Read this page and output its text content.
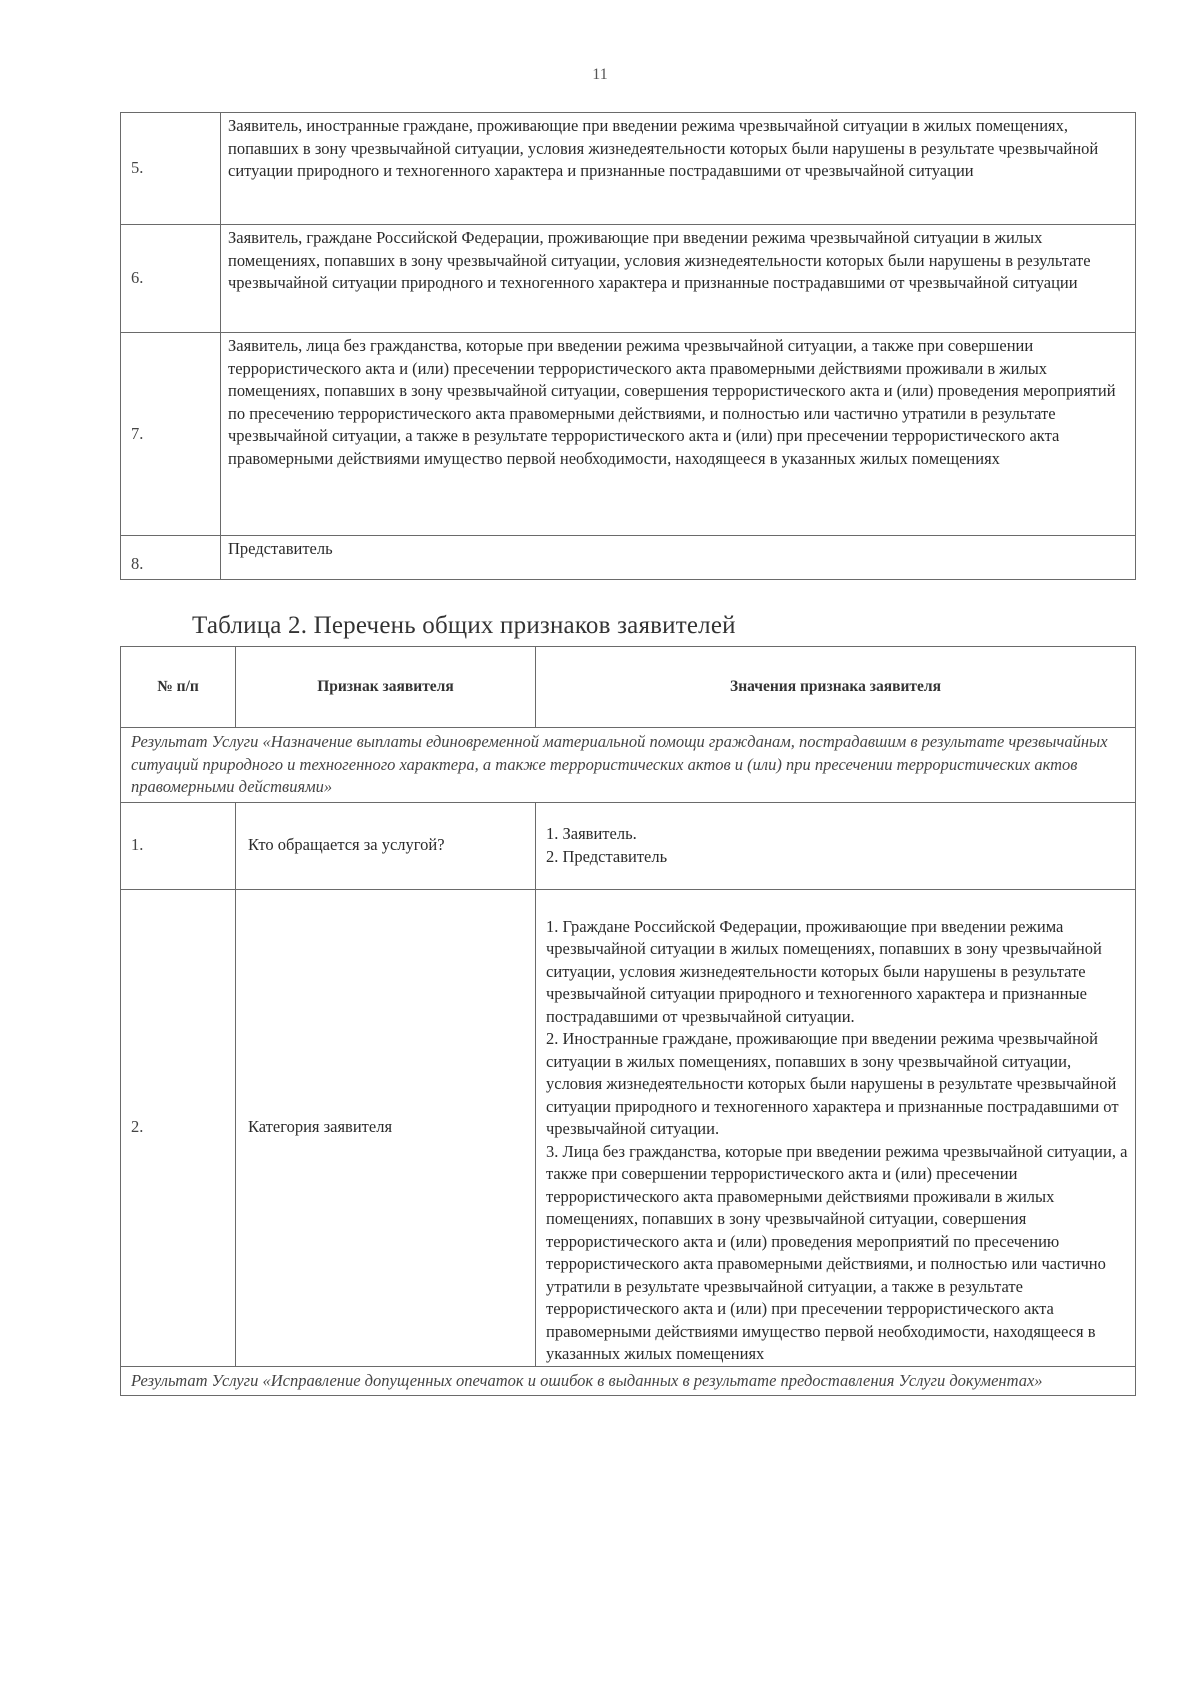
11
5.	Заявитель, иностранные граждане, проживающие при введении режима чрезвычайной ситуации в жилых помещениях, попавших в зону чрезвычайной ситуации, условия жизнедеятельности которых были нарушены в результате чрезвычайной ситуации природного и техногенного характера и признанные пострадавшими от чрезвычайной ситуации
6.	Заявитель, граждане Российской Федерации, проживающие при введении режима чрезвычайной ситуации в жилых помещениях, попавших в зону чрезвычайной ситуации, условия жизнедеятельности которых были нарушены в результате чрезвычайной ситуации природного и техногенного характера и признанные пострадавшими от чрезвычайной ситуации
7.	Заявитель, лица без гражданства, которые при введении режима чрезвычайной ситуации, а также при совершении террористического акта и (или) пресечении террористического акта правомерными действиями проживали в жилых помещениях, попавших в зону чрезвычайной ситуации, совершения террористического акта и (или) проведения мероприятий по пресечению террористического акта правомерными действиями, и полностью или частично утратили в результате чрезвычайной ситуации, а также в результате террористического акта и (или) при пресечении террористического акта правомерными действиями имущество первой необходимости, находящееся в указанных жилых помещениях
8.	Представитель
Таблица 2. Перечень общих признаков заявителей
№ п/п	Признак заявителя	Значения признака заявителя
Результат Услуги «Назначение выплаты единовременной материальной помощи гражданам, пострадавшим в результате чрезвычайных ситуаций природного и техногенного характера, а также террористических актов и (или) при пресечении террористических актов правомерными действиями»		
1.	Кто обращается за услугой?	1. Заявитель.
2. Представитель

2.	Категория заявителя	1. Граждане Российской Федерации, проживающие при введении режима чрезвычайной ситуации в жилых помещениях, попавших в зону чрезвычайной ситуации, условия жизнедеятельности которых были нарушены в результате чрезвычайной ситуации природного и техногенного характера и признанные пострадавшими от чрезвычайной ситуации.
2. Иностранные граждане, проживающие при введении режима чрезвычайной ситуации в жилых помещениях, попавших в зону чрезвычайной ситуации, условия жизнедеятельности которых были нарушены в результате чрезвычайной ситуации природного и техногенного характера и признанные пострадавшими от чрезвычайной ситуации.
3. Лица без гражданства, которые при введении режима чрезвычайной ситуации, а также при совершении террористического акта и (или) пресечении террористического акта правомерными действиями проживали в жилых помещениях, попавших в зону чрезвычайной ситуации, совершения террористического акта и (или) проведения мероприятий по пресечению террористического акта правомерными действиями, и полностью или частично утратили в результате чрезвычайной ситуации, а также в результате террористического акта и (или) при пресечении террористического акта правомерными действиями имущество первой необходимости, находящееся в указанных жилых помещениях

Результат Услуги «Исправление допущенных опечаток и ошибок в выданных в результате предоставления Услуги документах»		
